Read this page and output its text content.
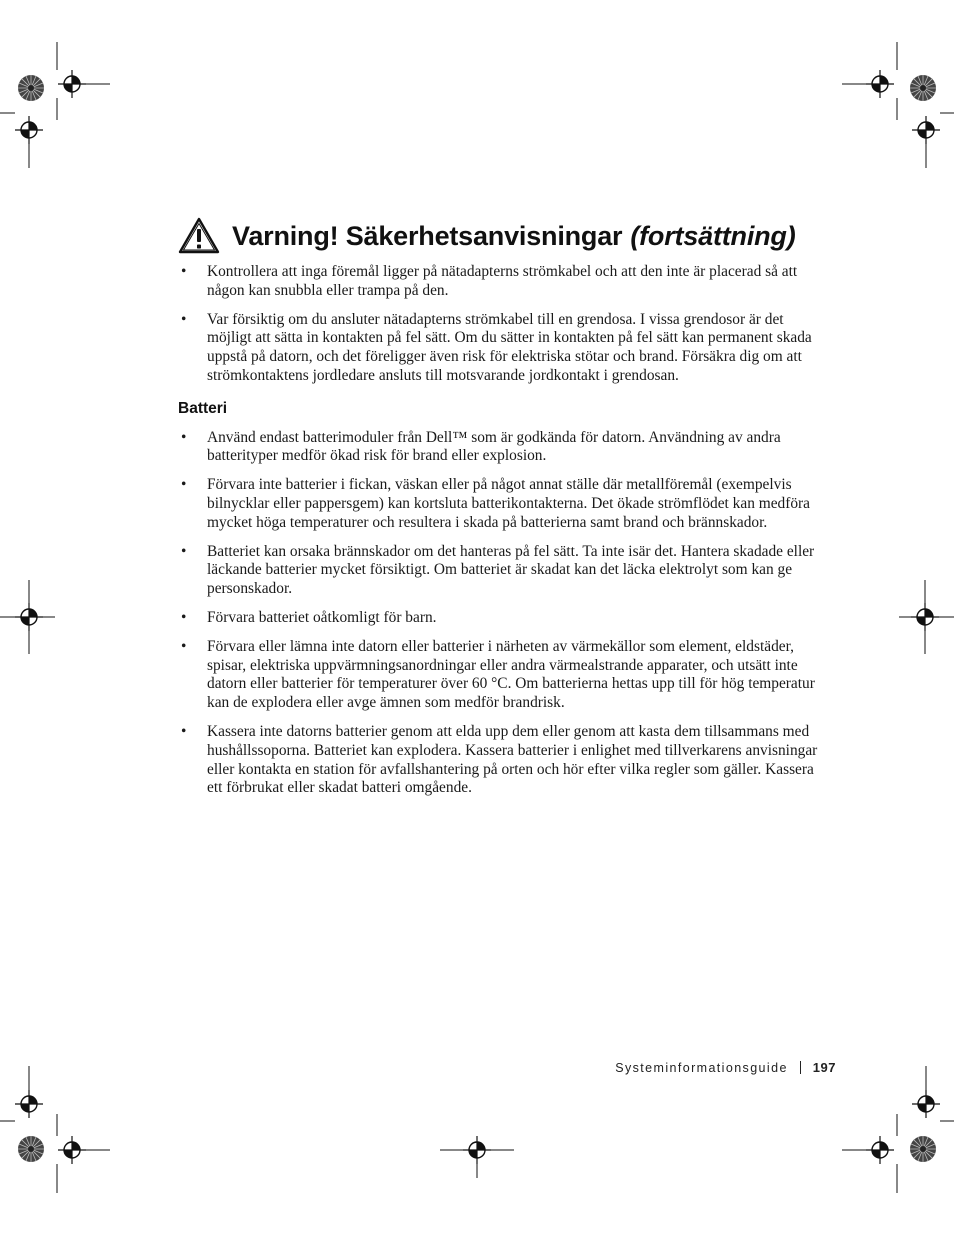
Varning! Säkerhetsanvisningar (fortsättning)
• Kontrollera att inga föremål ligger på nätadapterns strömkabel och att den inte är placerad så att någon kan snubbla eller trampa på den.
• Var försiktig om du ansluter nätadapterns strömkabel till en grendosa. I vissa grendosor är det möjligt att sätta in kontakten på fel sätt. Om du sätter in kontakten på fel sätt kan permanent skada uppstå på datorn, och det föreligger även risk för elektriska stötar och brand. Försäkra dig om att strömkontaktens jordledare ansluts till motsvarande jordkontakt i grendosan.
Batteri
• Använd endast batterimoduler från Dell™ som är godkända för datorn. Användning av andra batterityper medför ökad risk för brand eller explosion.
• Förvara inte batterier i fickan, väskan eller på något annat ställe där metallföremål (exempelvis bilnycklar eller pappersgem) kan kortsluta batterikontakterna. Det ökade strömflödet kan medföra mycket höga temperaturer och resultera i skada på batterierna samt brand och brännskador.
• Batteriet kan orsaka brännskador om det hanteras på fel sätt. Ta inte isär det. Hantera skadade eller läckande batterier mycket försiktigt. Om batteriet är skadat kan det läcka elektrolyt som kan ge personskador.
• Förvara batteriet oåtkomligt för barn.
• Förvara eller lämna inte datorn eller batterier i närheten av värmekällor som element, eldstäder, spisar, elektriska uppvärmningsanordningar eller andra värmealstrande apparater, och utsätt inte datorn eller batterier för temperaturer över 60 °C. Om batterierna hettas upp till för hög temperatur kan de explodera eller avge ämnen som medför brandrisk.
• Kassera inte datorns batterier genom att elda upp dem eller genom att kasta dem tillsammans med hushållssoporna. Batteriet kan explodera. Kassera batterier i enlighet med tillverkarens anvisningar eller kontakta en station för avfallshantering på orten och hör efter vilka regler som gäller. Kassera ett förbrukat eller skadat batteri omgående.
Systeminformationsguide 197
